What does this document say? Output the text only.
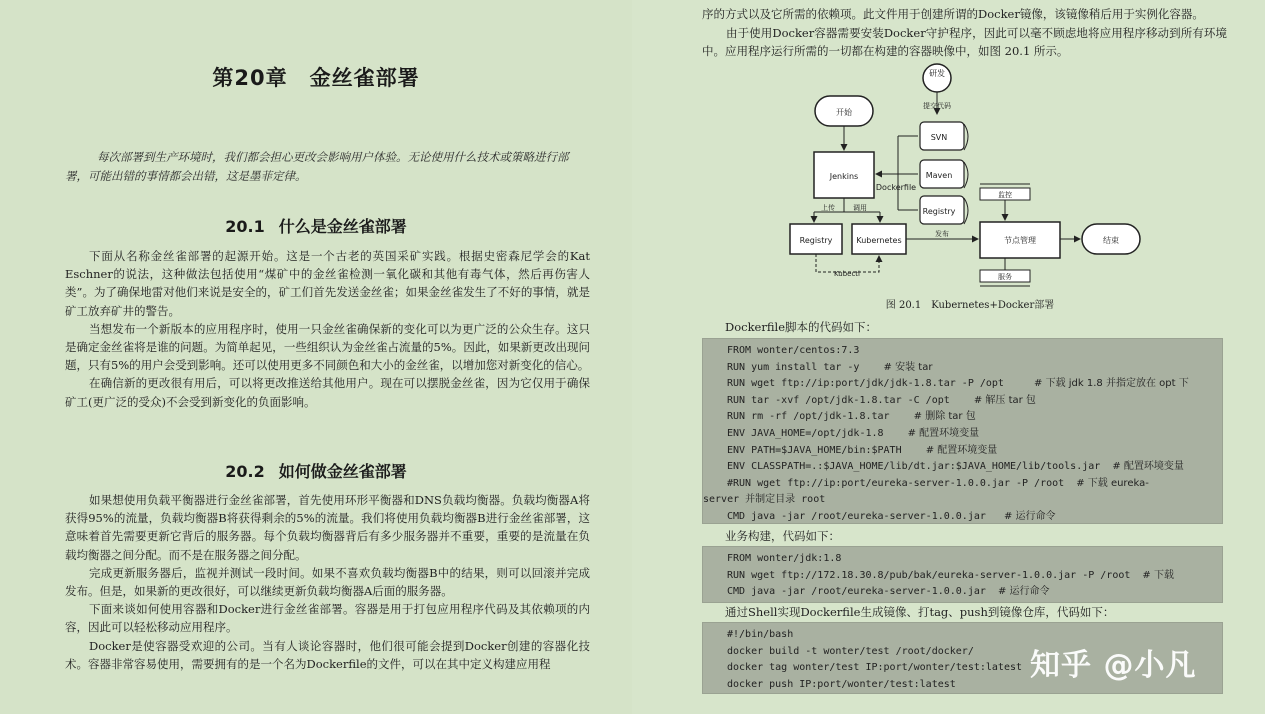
第20章 金丝雀部署
每次部署到生产环境时，我们都会担心更改会影响用户体验。无论使用什么技术或策略进行部署，可能出错的事情都会出错，这是墨菲定律。
20.1 什么是金丝雀部署

下面从名称金丝雀部署的起源开始。这是一个古老的英国采矿实践。根据史密森尼学会的Kat Eschner的说法，这种做法包括使用“煤矿中的金丝雀检测一氧化碳和其他有毒气体，然后再伤害人类”。为了确保地雷对他们来说是安全的，矿工们首先发送金丝雀；如果金丝雀发生了不好的事情，就是矿工放弃矿井的警告。

当想发布一个新版本的应用程序时，使用一只金丝雀确保新的变化可以为更广泛的公众生存。这只是确定金丝雀将是谁的问题。为简单起见，一些组织认为金丝雀占流量的5%。因此，如果新更改出现问题，只有5%的用户会受到影响。还可以使用更多不同颜色和大小的金丝雀，以增加您对新变化的信心。

在确信新的更改很有用后，可以将更改推送给其他用户。现在可以摆脱金丝雀，因为它仅用于确保矿工(更广泛的受众)不会受到新变化的负面影响。

20.2 如何做金丝雀部署

如果想使用负载平衡器进行金丝雀部署，首先使用环形平衡器和DNS负载均衡器。负载均衡器A将获得95%的流量，负载均衡器B将获得剩余的5%的流量。我们将使用负载均衡器B进行金丝雀部署，这意味着首先需要更新它背后的服务器。每个负载均衡器背后有多少服务器并不重要，重要的是流量在负载均衡器之间分配。而不是在服务器之间分配。

完成更新服务器后，监视并测试一段时间。如果不喜欢负载均衡器B中的结果，则可以回滚并完成发布。但是，如果新的更改很好，可以继续更新负载均衡器A后面的服务器。

下面来谈如何使用容器和Docker进行金丝雀部署。容器是用于打包应用程序代码及其依赖项的内容，因此可以轻松移动应用程序。

Docker是使容器受欢迎的公司。当有人谈论容器时，他们很可能会提到Docker创建的容器化技术。容器非常容易使用，需要拥有的是一个名为Dockerfile的文件，可以在其中定义构建应用程

序的方式以及它所需的依赖项。此文件用于创建所谓的Docker镜像，该镜像稍后用于实例化容器。

由于使用Docker容器需要安装Docker守护程序，因此可以毫不顾虑地将应用程序移动到所有环境中。应用程序运行所需的一切都在构建的容器映像中，如图 20.1 所示。

研发
提交代码
SVN
Maven
Registry
开始
Jenkins
Dockerfile
上传	调用
Registry	Kubernetes
Kubectl
发布
监控
节点管理
服务
结束
图 20.1　Kubernetes+Docker部署
Dockerfile脚本的代码如下：
FROM wonter/centos:7.3
RUN yum install tar -y    # 安装 tar
RUN wget ftp://ip:port/jdk/jdk-1.8.tar -P /opt     # 下载 jdk 1.8 并指定放在 opt 下
RUN tar -xvf /opt/jdk-1.8.tar -C /opt    # 解压 tar 包
RUN rm -rf /opt/jdk-1.8.tar    # 删除 tar 包
ENV JAVA_HOME=/opt/jdk-1.8    # 配置环境变量
ENV PATH=$JAVA_HOME/bin:$PATH    # 配置环境变量
ENV CLASSPATH=.:$JAVA_HOME/lib/dt.jar:$JAVA_HOME/lib/tools.jar  # 配置环境变量
#RUN wget ftp://ip:port/eureka-server-1.0.0.jar -P /root  # 下载 eureka-
server 并制定目录 root
CMD java -jar /root/eureka-server-1.0.0.jar   # 运行命令
业务构建，代码如下：
FROM wonter/jdk:1.8
RUN wget ftp://172.18.30.8/pub/bak/eureka-server-1.0.0.jar -P /root  # 下载
CMD java -jar /root/eureka-server-1.0.0.jar  # 运行命令
通过Shell实现Dockerfile生成镜像、打tag、push到镜像仓库，代码如下：
#!/bin/bash
docker build -t wonter/test /root/docker/
docker tag wonter/test IP:port/wonter/test:latest
docker push IP:port/wonter/test:latest
知乎 @小凡
